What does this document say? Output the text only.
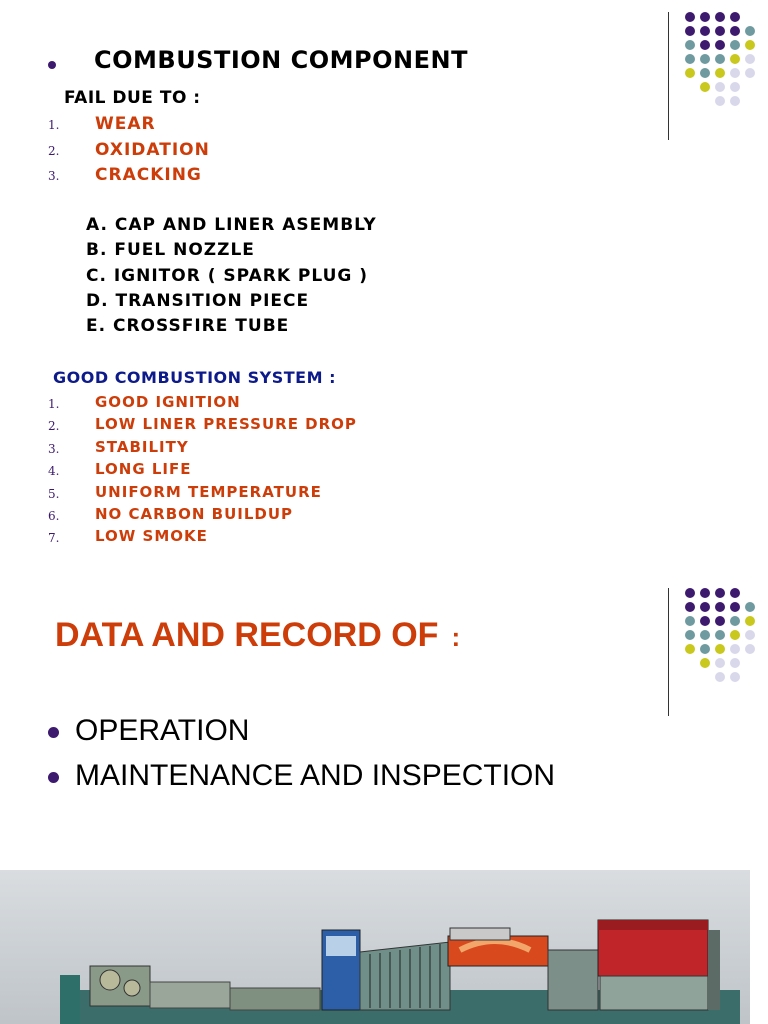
COMBUSTION COMPONENT
FAIL DUE TO :
1. WEAR
2. OXIDATION
3. CRACKING
A. CAP AND LINER ASEMBLY
B. FUEL NOZZLE
C. IGNITOR ( SPARK PLUG )
D. TRANSITION PIECE
E. CROSSFIRE TUBE
GOOD COMBUSTION SYSTEM :
1. GOOD IGNITION
2. LOW LINER PRESSURE DROP
3. STABILITY
4. LONG LIFE
5. UNIFORM TEMPERATURE
6. NO CARBON BUILDUP
7. LOW SMOKE
DATA AND RECORD OF :
OPERATION
MAINTENANCE AND INSPECTION
